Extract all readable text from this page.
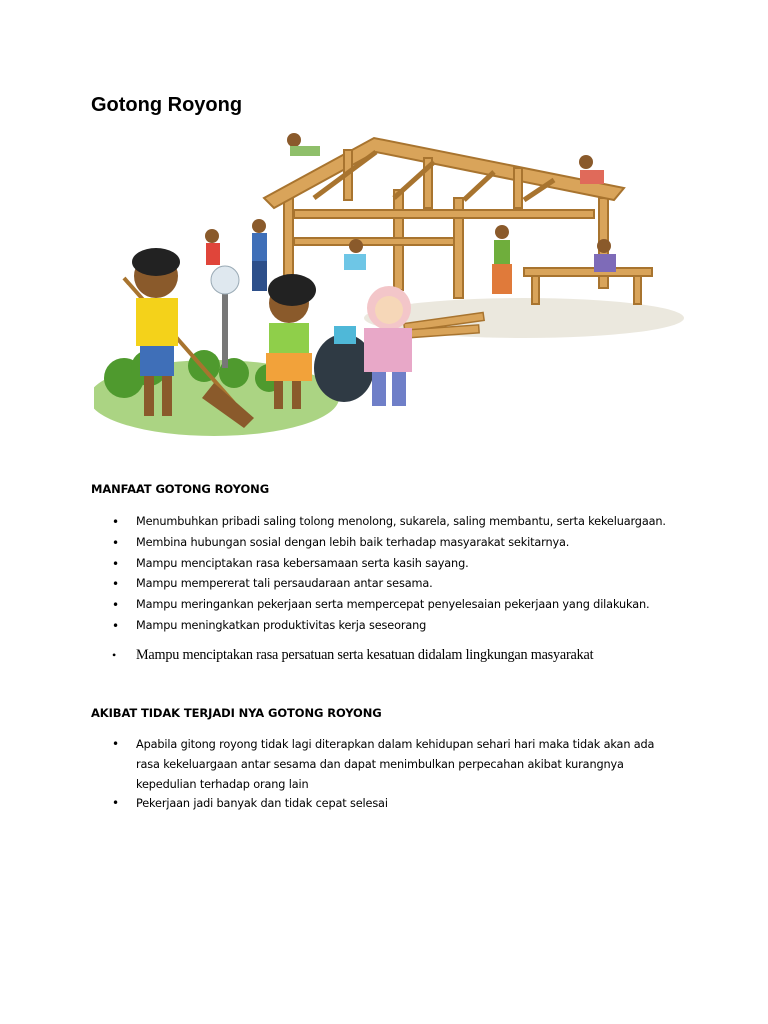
Gotong Royong
MANFAAT GOTONG ROYONG
• Menumbuhkan pribadi saling tolong menolong, sukarela, saling membantu, serta kekeluargaan.
• Membina hubungan sosial dengan lebih baik terhadap masyarakat sekitarnya.
• Mampu menciptakan rasa kebersamaan serta kasih sayang.
• Mampu mempererat tali persaudaraan antar sesama.
• Mampu meringankan pekerjaan serta mempercepat penyelesaian pekerjaan yang dilakukan.
• Mampu meningkatkan produktivitas kerja seseorang
• Mampu menciptakan rasa persatuan serta kesatuan didalam lingkungan masyarakat
AKIBAT TIDAK TERJADI NYA GOTONG ROYONG
• Apabila gitong royong tidak lagi diterapkan dalam kehidupan sehari hari maka tidak akan ada rasa kekeluargaan antar sesama dan dapat menimbulkan perpecahan akibat kurangnya kepedulian terhadap orang lain
• Pekerjaan jadi banyak dan tidak cepat selesai
